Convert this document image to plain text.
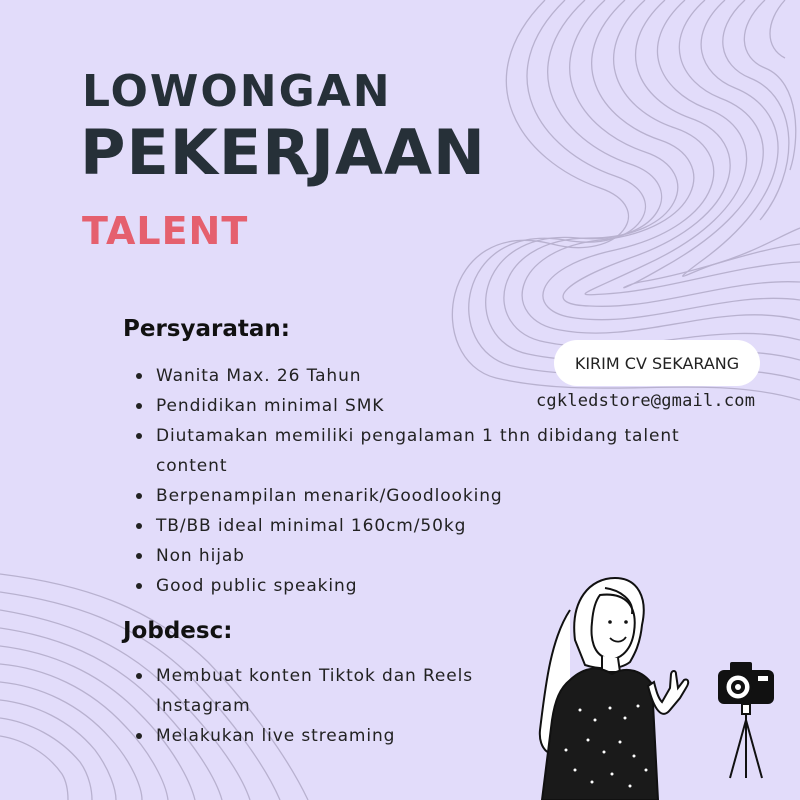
LOWONGAN
PEKERJAAN
TALENT
Persyaratan:
Wanita Max. 26 Tahun
Pendidikan minimal SMK
Diutamakan memiliki pengalaman 1 thn dibidang talent content
Berpenampilan menarik/Goodlooking
TB/BB ideal minimal 160cm/50kg
Non hijab
Good public speaking
Jobdesc:
Membuat konten Tiktok dan Reels Instagram
Melakukan live streaming
KIRIM CV SEKARANG

cgkledstore@gmail.com
